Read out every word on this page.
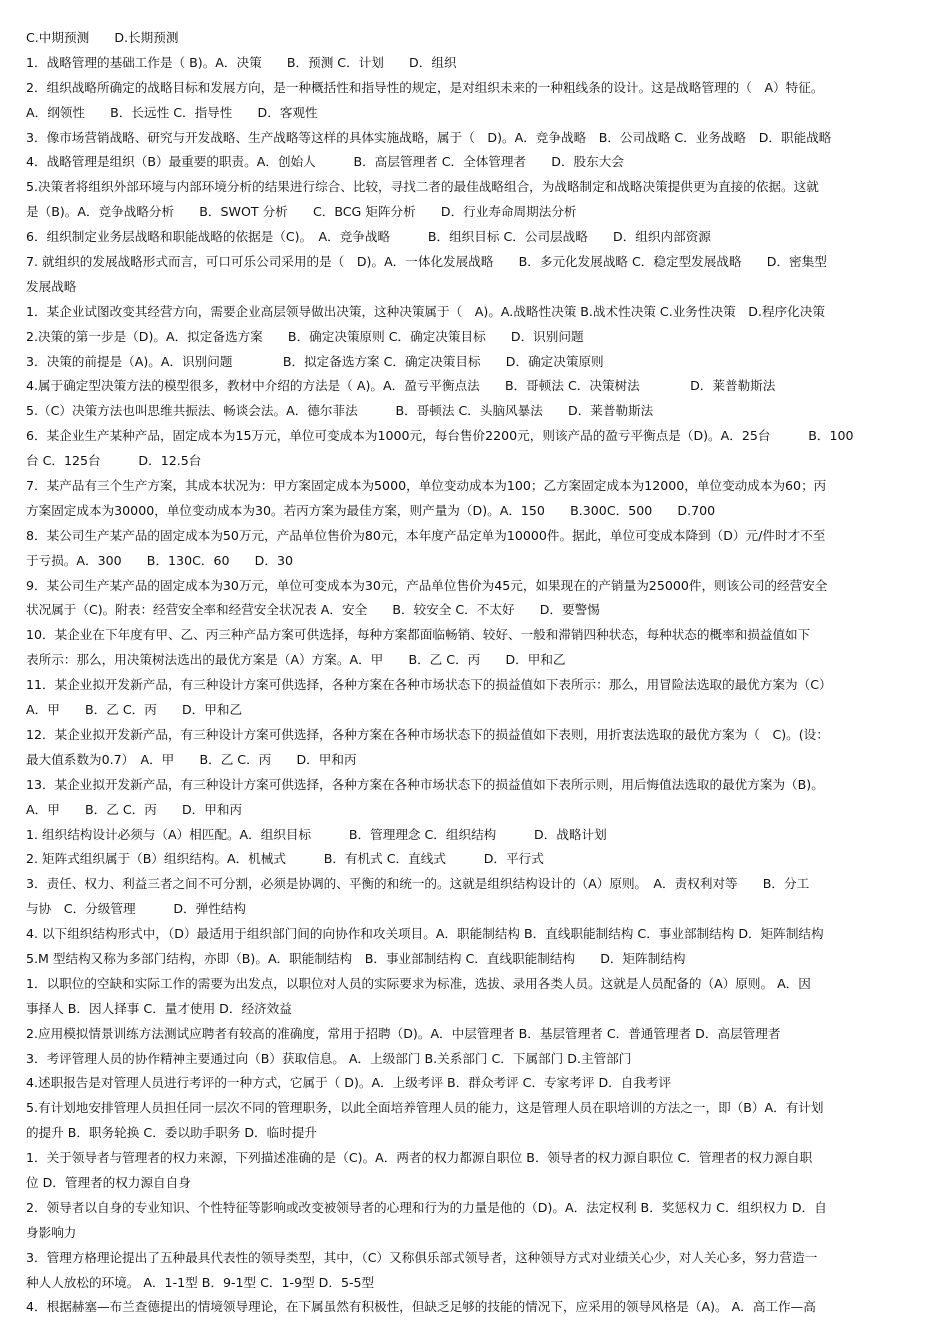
C.中期预测　　D.长期预测
1．战略管理的基础工作是（ B)。A．决策　　B．预测 C．计划　　D．组织
2．组织战略所确定的战略目标和发展方向，是一种概括性和指导性的规定，是对组织未来的一种粗线条的设计。这是战略管理的（　A）特征。
A．纲领性　　B．长远性 C．指导性　　D．客观性
3．像市场营销战略、研究与开发战略、生产战略等这样的具体实施战略，属于（　D)。A．竞争战略　B．公司战略 C．业务战略　D．职能战略
4．战略管理是组织（B）最重要的职责。A．创始人　　　B．高层管理者 C．全体管理者　　D．股东大会
5.决策者将组织外部环境与内部环境分析的结果进行综合、比较，寻找二者的最佳战略组合，为战略制定和战略决策提供更为直接的依据。这就
是（B)。A．竞争战略分析　　B．SWOT 分析　　C．BCG 矩阵分析　　D．行业寿命周期法分析
6．组织制定业务层战略和职能战略的依据是（C)。　A．竞争战略　　　B．组织目标 C．公司层战略　　D．组织内部资源
7. 就组织的发展战略形式而言，可口可乐公司采用的是（　D)。A．一体化发展战略　　B．多元化发展战略 C．稳定型发展战略　　D．密集型
发展战略
1．某企业试图改变其经营方向，需要企业高层领导做出决策，这种决策属于（　A)。A.战略性决策 B.战术性决策 C.业务性决策　D.程序化决策
2.决策的第一步是（D)。A．拟定备选方案　　B．确定决策原则 C．确定决策目标　　D．识别问题
3．决策的前提是（A)。A．识别问题　　　　B．拟定备选方案 C．确定决策目标　　D．确定决策原则
4.属于确定型决策方法的模型很多，教材中介绍的方法是（ A)。A．盈亏平衡点法　　B．哥顿法 C．决策树法　　　　D．莱普勒斯法
5.（C）决策方法也叫思维共振法、畅谈会法。A．德尔菲法　　　B．哥顿法 C．头脑风暴法　　D．莱普勒斯法
6．某企业生产某种产品，固定成本为15万元，单位可变成本为1000元，每台售价2200元，则该产品的盈亏平衡点是（D)。A．25台　　　B．100
台 C．125台　　　D．12.5台
7．某产品有三个生产方案，其成本状况为：甲方案固定成本为5000，单位变动成本为100；乙方案固定成本为12000，单位变动成本为60；丙
方案固定成本为30000，单位变动成本为30。若丙方案为最佳方案，则产量为（D)。A．150　　B.300C．500　　D.700
8．某公司生产某产品的固定成本为50万元，产品单位售价为80元，本年度产品定单为10000件。据此，单位可变成本降到（D）元/件时才不至
于亏损。A．300　　B．130C．60　　D．30
9．某公司生产某产品的固定成本为30万元，单位可变成本为30元，产品单位售价为45元，如果现在的产销量为25000件，则该公司的经营安全
状况属于（C)。附表：经营安全率和经营安全状况表 A．安全　　B．较安全 C．不太好　　D．要警惕
10．某企业在下年度有甲、乙、丙三种产品方案可供选择，每种方案都面临畅销、较好、一般和滞销四种状态，每种状态的概率和损益值如下
表所示：那么，用决策树法选出的最优方案是（A）方案。A．甲　　B．乙 C．丙　　D．甲和乙
11．某企业拟开发新产品，有三种设计方案可供选择，各种方案在各种市场状态下的损益值如下表所示：那么，用冒险法选取的最优方案为（C）
A．甲　　B．乙 C．丙　　D．甲和乙
12．某企业拟开发新产品，有三种设计方案可供选择，各种方案在各种市场状态下的损益值如下表则，用折衷法选取的最优方案为（　C)。(设：
最大值系数为0.7）　A．甲　　B．乙 C．丙　　D．甲和丙
13．某企业拟开发新产品，有三种设计方案可供选择，各种方案在各种市场状态下的损益值如下表所示则，用后悔值法选取的最优方案为（B)。
A．甲　　B．乙 C．丙　　D．甲和丙
1. 组织结构设计必须与（A）相匹配。A．组织目标　　　B．管理理念 C．组织结构　　　D．战略计划
2. 矩阵式组织属于（B）组织结构。A．机械式　　　B．有机式 C．直线式　　　D．平行式
3．责任、权力、利益三者之间不可分割，必须是协调的、平衡的和统一的。这就是组织结构设计的（A）原则。　A．责权利对等　　B．分工
与协　C．分级管理　　　D．弹性结构
4. 以下组织结构形式中，（D）最适用于组织部门间的向协作和攻关项目。A．职能制结构 B．直线职能制结构 C．事业部制结构 D．矩阵制结构
5.M 型结构又称为多部门结构，亦即（B)。A．职能制结构　B．事业部制结构 C．直线职能制结构　　D．矩阵制结构
1．以职位的空缺和实际工作的需要为出发点，以职位对人员的实际要求为标准，选拔、录用各类人员。这就是人员配备的（A）原则。 A．因
事择人 B．因人择事 C．量才使用 D．经济效益
2.应用模拟情景训练方法测试应聘者有较高的准确度，常用于招聘（D)。A．中层管理者 B．基层管理者 C．普通管理者 D．高层管理者
3．考评管理人员的协作精神主要通过向（B）获取信息。 A．上级部门 B.关系部门 C．下属部门 D.主管部门
4.述职报告是对管理人员进行考评的一种方式，它属于（ D)。A．上级考评 B．群众考评 C．专家考评 D．自我考评
5.有计划地安排管理人员担任同一层次不同的管理职务，以此全面培养管理人员的能力，这是管理人员在职培训的方法之一，即（B）A．有计划
的提升 B．职务轮换 C．委以助手职务 D．临时提升
1．关于领导者与管理者的权力来源，下列描述准确的是（C)。A．两者的权力都源自职位 B．领导者的权力源自职位 C．管理者的权力源自职
位 D．管理者的权力源自自身
2．领导者以自身的专业知识、个性特征等影响或改变被领导者的心理和行为的力量是他的（D)。A．法定权利 B．奖惩权力 C．组织权力 D．自
身影响力
3．管理方格理论提出了五种最具代表性的领导类型，其中，（C）又称俱乐部式领导者，这种领导方式对业绩关心少，对人关心多，努力营造一
种人人放松的环境。 A．1-1型 B．9-1型 C．1-9型 D．5-5型
4．根据赫塞—布兰查德提出的情境领导理论，在下属虽然有积极性，但缺乏足够的技能的情况下，应采用的领导风格是（A)。 A．高工作—高
